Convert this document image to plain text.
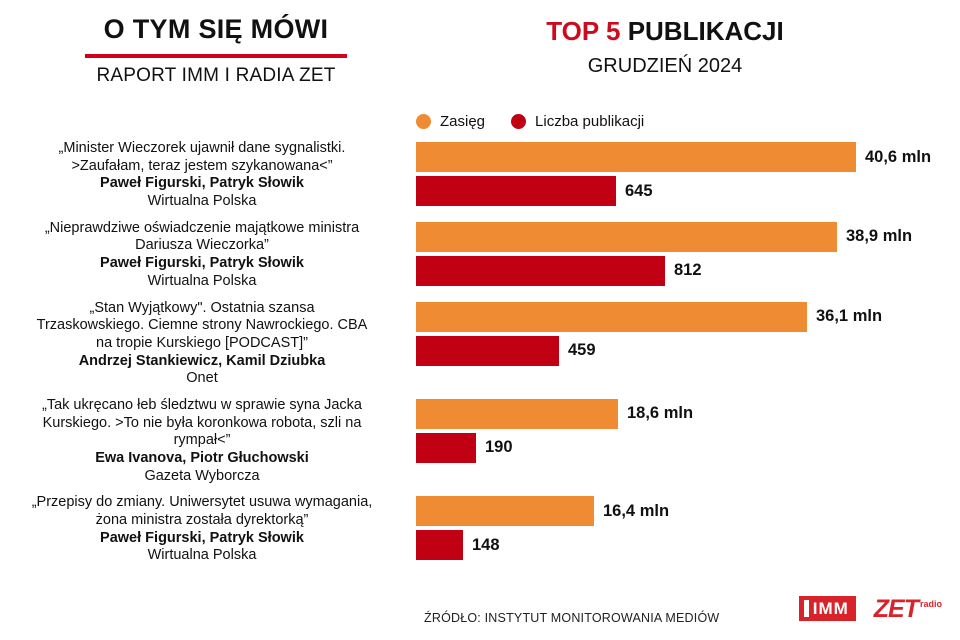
O TYM SIĘ MÓWI
RAPORT IMM I RADIA ZET
TOP 5 PUBLIKACJI
GRUDZIEŃ 2024
Zasięg	Liczba publikacji
„Minister Wieczorek ujawnił dane sygnalistki.
>Zaufałam, teraz jestem szykanowana<”
Paweł Figurski, Patryk Słowik
Wirtualna Polska
40,6 mln
645
„Nieprawdziwe oświadczenie majątkowe ministra
Dariusza Wieczorka”
Paweł Figurski, Patryk Słowik
Wirtualna Polska
38,9 mln
812
„Stan Wyjątkowy". Ostatnia szansa
Trzaskowskiego. Ciemne strony Nawrockiego. CBA
na tropie Kurskiego [PODCAST]”
Andrzej Stankiewicz, Kamil Dziubka
Onet
36,1 mln
459
„Tak ukręcano łeb śledztwu w sprawie syna Jacka
Kurskiego. >To nie była koronkowa robota, szli na
rympał<”
Ewa Ivanova, Piotr Głuchowski
Gazeta Wyborcza
18,6 mln
190
„Przepisy do zmiany. Uniwersytet usuwa wymagania,
żona ministra została dyrektorką”
Paweł Figurski, Patryk Słowik
Wirtualna Polska
16,4 mln
148
ŹRÓDŁO: INSTYTUT MONITOROWANIA MEDIÓW	IMM ZET radio
